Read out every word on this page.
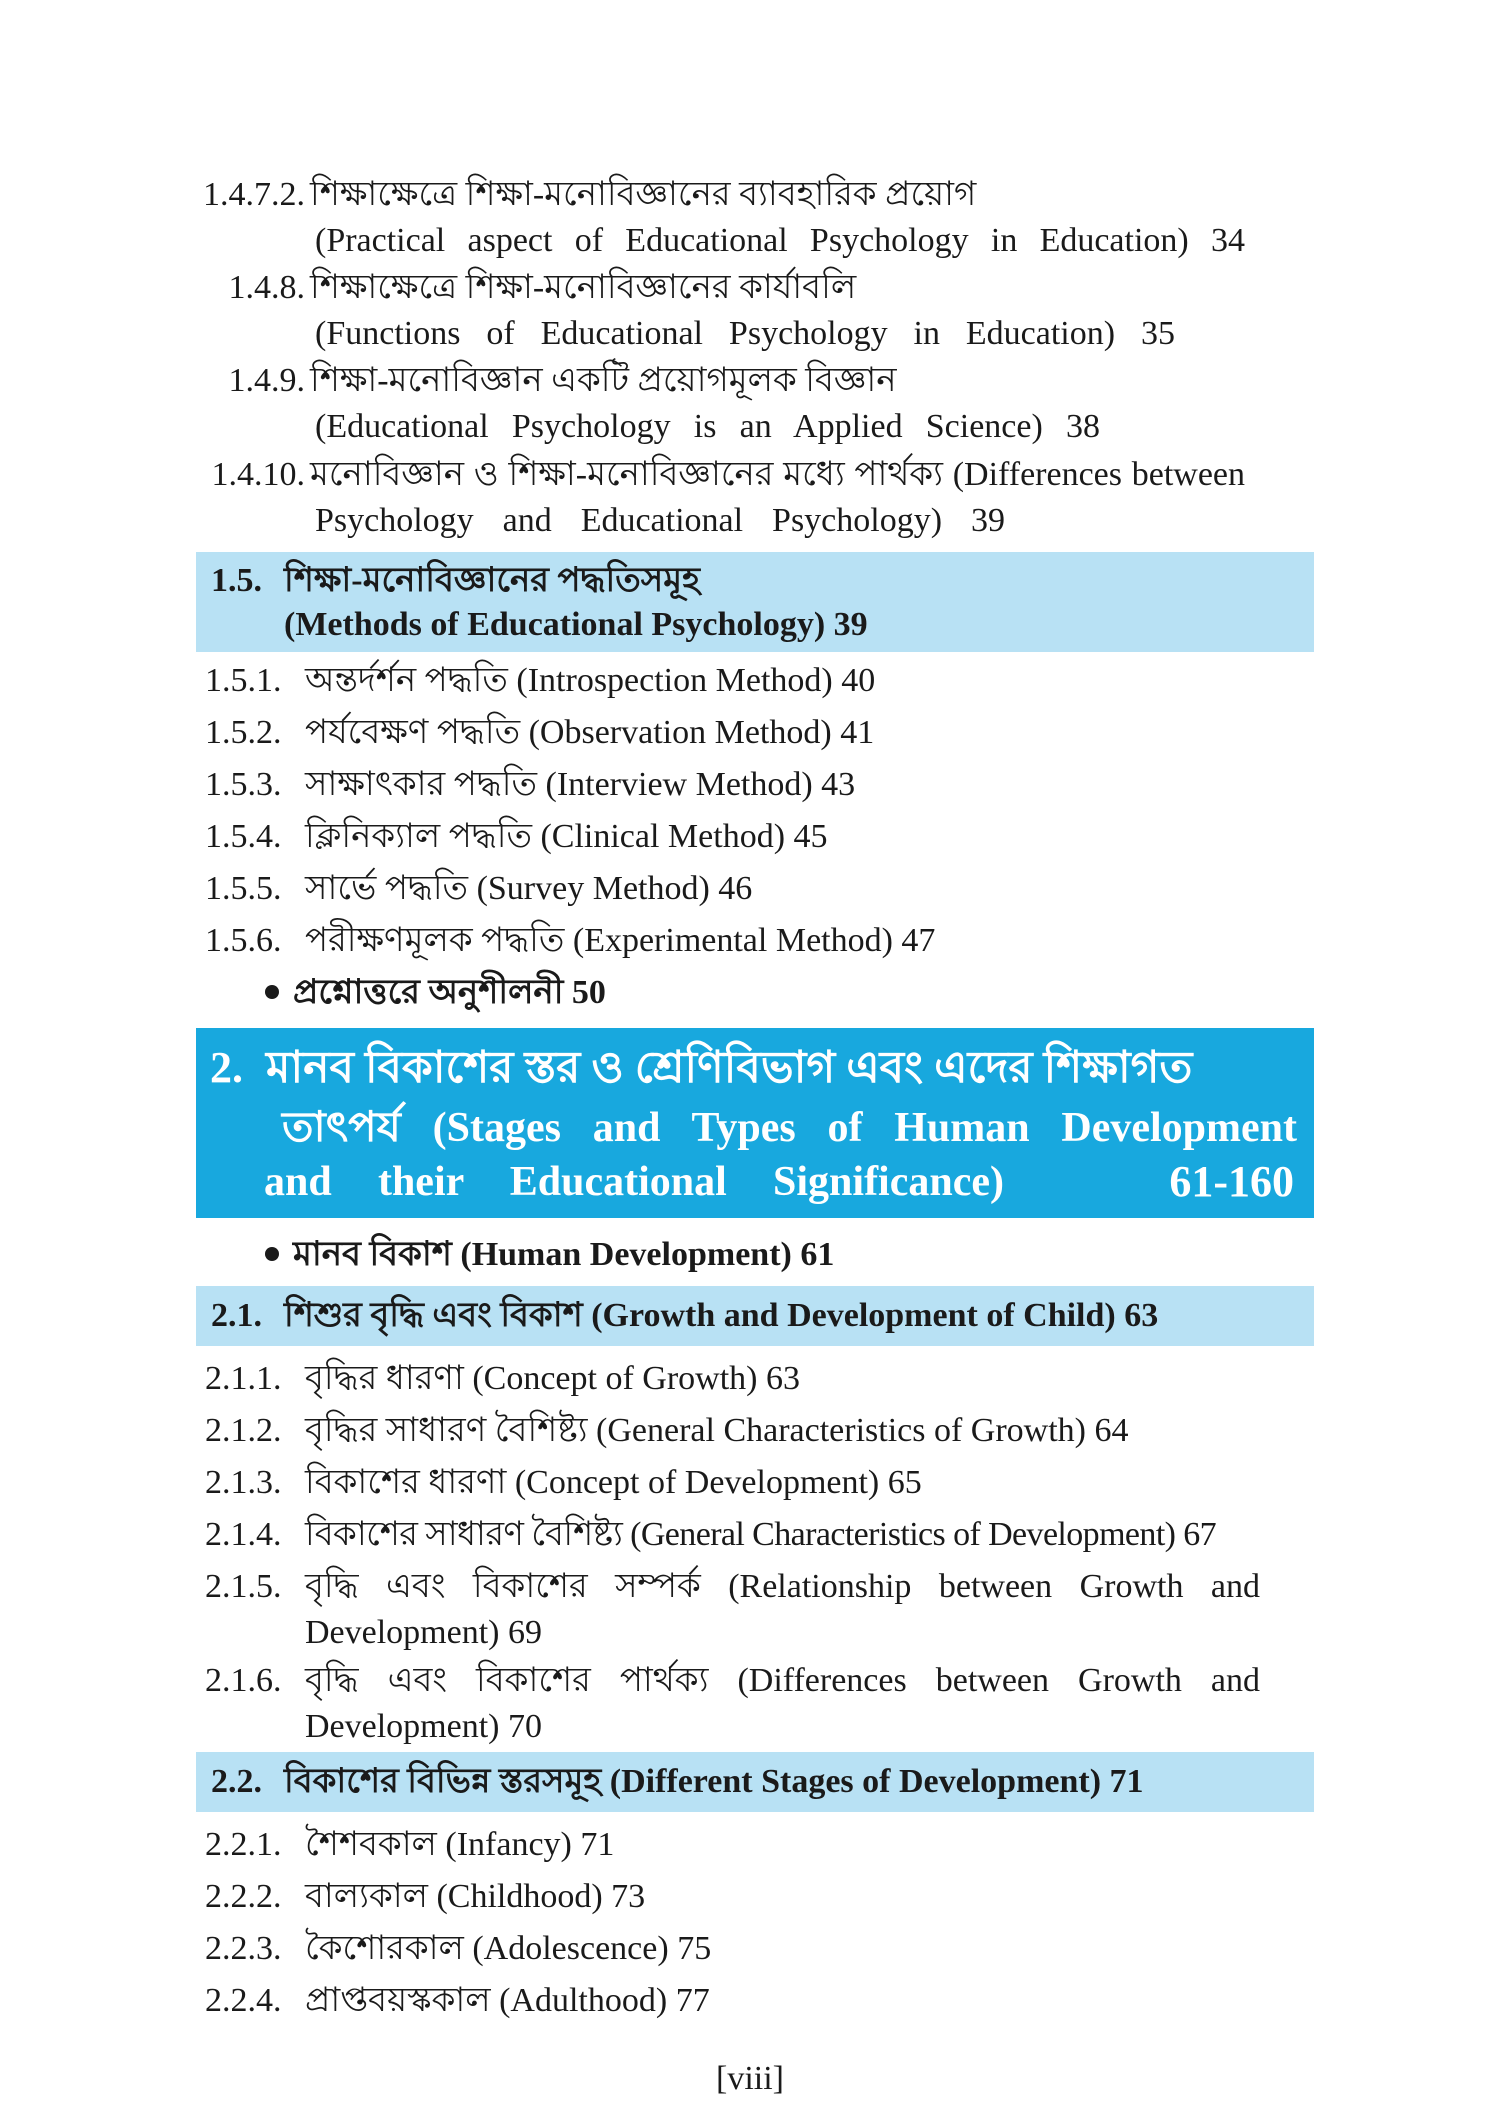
1.4.7.2. শিক্ষাক্ষেত্রে শিক্ষা-মনোবিজ্ঞানের ব্যাবহারিক প্রয়োগ
(Practical aspect of Educational Psychology in Education) 34
1.4.8. শিক্ষাক্ষেত্রে শিক্ষা-মনোবিজ্ঞানের কার্যাবলি
(Functions of Educational Psychology in Education) 35
1.4.9. শিক্ষা-মনোবিজ্ঞান একটি প্রয়োগমূলক বিজ্ঞান
(Educational Psychology is an Applied Science) 38
1.4.10. মনোবিজ্ঞান ও শিক্ষা-মনোবিজ্ঞানের মধ্যে পার্থক্য (Differences between
Psychology and Educational Psychology) 39
1.5. শিক্ষা-মনোবিজ্ঞানের পদ্ধতিসমূহ
(Methods of Educational Psychology) 39
1.5.1. অন্তর্দর্শন পদ্ধতি (Introspection Method) 40
1.5.2. পর্যবেক্ষণ পদ্ধতি (Observation Method) 41
1.5.3. সাক্ষাৎকার পদ্ধতি (Interview Method) 43
1.5.4. ক্লিনিক্যাল পদ্ধতি (Clinical Method) 45
1.5.5. সার্ভে পদ্ধতি (Survey Method) 46
1.5.6. পরীক্ষণমূলক পদ্ধতি (Experimental Method) 47
প্রশ্নোত্তরে অনুশীলনী 50
2. মানব বিকাশের স্তর ও শ্রেণিবিভাগ এবং এদের শিক্ষাগত
তাৎপর্য (Stages and Types of Human Development
and their Educational Significance)	61-160
মানব বিকাশ (Human Development) 61
2.1. শিশুর বৃদ্ধি এবং বিকাশ (Growth and Development of Child) 63
2.1.1. বৃদ্ধির ধারণা (Concept of Growth) 63
2.1.2. বৃদ্ধির সাধারণ বৈশিষ্ট্য (General Characteristics of Growth) 64
2.1.3. বিকাশের ধারণা (Concept of Development) 65
2.1.4. বিকাশের সাধারণ বৈশিষ্ট্য (General Characteristics of Development) 67
2.1.5. বৃদ্ধি এবং বিকাশের সম্পর্ক (Relationship between Growth and
Development) 69
2.1.6. বৃদ্ধি এবং বিকাশের পার্থক্য (Differences between Growth and
Development) 70
2.2. বিকাশের বিভিন্ন স্তরসমূহ (Different Stages of Development) 71
2.2.1. শৈশবকাল (Infancy) 71
2.2.2. বাল্যকাল (Childhood) 73
2.2.3. কৈশোরকাল (Adolescence) 75
2.2.4. প্রাপ্তবয়স্ককাল (Adulthood) 77
[viii]
